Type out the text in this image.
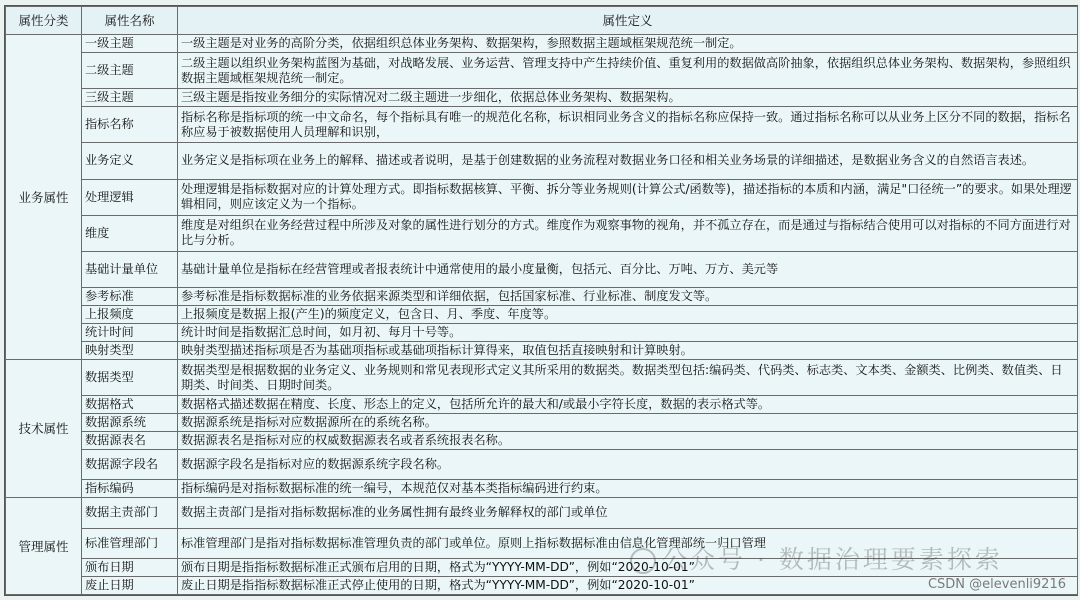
属性分类	属性名称	属性定义
业务属性	一级主题	一级主题是对业务的高阶分类，依据组织总体业务架构、数据架构，参照数据主题域框架规范统一制定。
	二级主题	二级主题以组织业务架构蓝图为基础，对战略发展、业务运营、管理支持中产生持续价值、重复利用的数据做高阶抽象，依据组织总体业务架构、数据架构，参照组织数据主题域框架规范统一制定。
	三级主题	三级主题是指按业务细分的实际情况对二级主题进一步细化，依据总体业务架构、数据架构。
	指标名称	指标名称是指标项的统一中文命名，每个指标具有唯一的规范化名称，标识相同业务含义的指标名称应保持一致。通过指标名称可以从业务上区分不同的数据，指标名称应易于被数据使用人员理解和识别，
	业务定义	业务定义是指标项在业务上的解释、描述或者说明，是基于创建数据的业务流程对数据业务口径和相关业务场景的详细描述，是数据业务含义的自然语言表述。
	处理逻辑	处理逻辑是指标数据对应的计算处理方式。即指标数据核算、平衡、拆分等业务规则(计算公式/函数等)，描述指标的本质和内涵，满足"口径统一”的要求。如果处理逻辑相同，则应该定义为一个指标。
	维度	维度是对组织在业务经营过程中所涉及对象的属性进行划分的方式。维度作为观察事物的视角，并不孤立存在，而是通过与指标结合使用可以对指标的不同方面进行对比与分析。
	基础计量单位	基础计量单位是指标在经营管理或者报表统计中通常使用的最小度量衡，包括元、百分比、万吨、万方、美元等
	参考标准	参考标准是指标数据标准的业务依据来源类型和详细依据，包括国家标准、行业标准、制度发文等。
	上报频度	上报频度是数据上报(产生)的频度定义，包含日、月、季度、年度等。
	统计时间	统计时间是指数据汇总时间，如月初、每月十号等。
	映射类型	映射类型描述指标项是否为基础项指标或基础项指标计算得来，取值包括直接映射和计算映射。
技术属性	数据类型	数据类型是根据数据的业务定义、业务规则和常见表现形式定义其所采用的数据类。数据类型包括:编码类、代码类、标志类、文本类、金额类、比例类、数值类、日期类、时间类、日期时间类。
	数据格式	数据格式描述数据在精度、长度、形态上的定义，包括所允许的最大和/或最小字符长度，数据的表示格式等。
	数据源系统	数据源系统是指标对应数据源所在的系统名称。
	数据源表名	数据源表名是指标对应的权威数据源表名或者系统报表名称。
	数据源字段名	数据源字段名是指标对应的数据源系统字段名称。
	指标编码	指标编码是对指标数据标准的统一编号，本规范仅对基本类指标编码进行约束。
管理属性	数据主责部门	数据主责部门是指对指标数据标准的业务属性拥有最终业务解释权的部门或单位
	标准管理部门	标准管理部门是指对指标数据标准管理负责的部门或单位。原则上指标数据标准由信息化管理部统一归口管理
	颁布日期	颁布日期是指指标数据标准正式颁布启用的日期，格式为“YYYY-MM-DD”，例如“2020-10-01”
	废止日期	废止日期是指指标数据标准正式停止使用的日期，格式为“YYYY-MM-DD”，例如“2020-10-01”
公众号 · 数据治理要素探索
CSDN @elevenli9216
